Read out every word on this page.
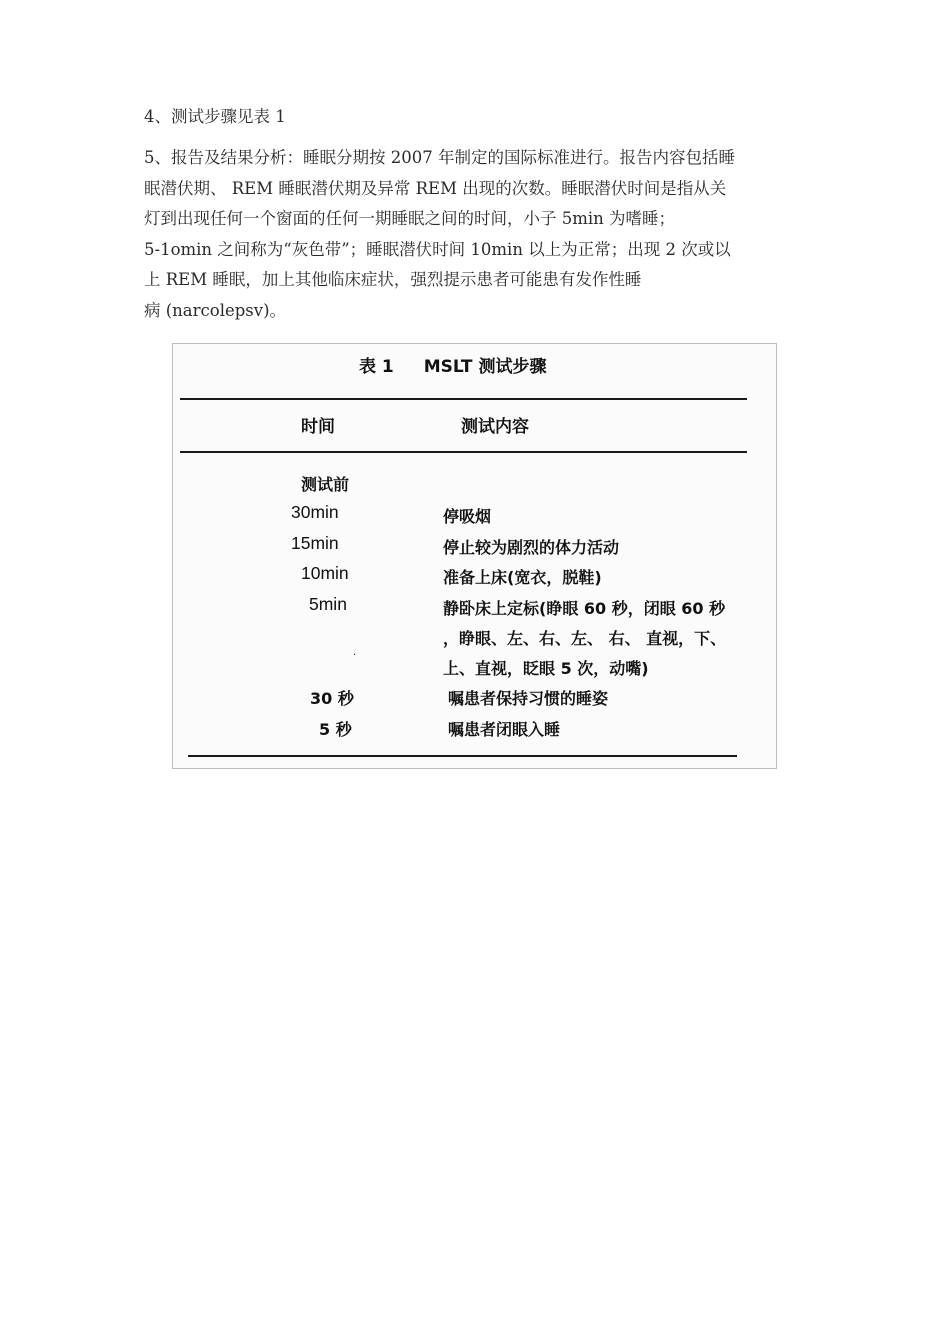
4、测试步骤见表 1
5、报告及结果分析：睡眠分期按 2007 年制定的国际标准进行。报告内容包括睡
眠潜伏期、 REM 睡眠潜伏期及异常 REM 出现的次数。睡眠潜伏时间是指从关
灯到出现任何一个窗面的任何一期睡眠之间的时间，小子 5min 为嗜睡；
5-1omin 之间称为“灰色带”；睡眠潜伏时间 10min 以上为正常；出现 2 次或以
上 REM 睡眠，加上其他临床症状，强烈提示患者可能患有发作性睡
病 (narcolepsv)。
表 1 MSLT 测试步骤
时间	测试内容
测试前
30min	停吸烟
15min	停止较为剧烈的体力活动
10min	准备上床(宽衣，脱鞋)
5min	静卧床上定标(睁眼 60 秒，闭眼 60 秒
，睁眼、左、右、左、 右、 直视，下、
·
上、直视，眨眼 5 次，动嘴)
30 秒	嘱患者保持习惯的睡姿
5 秒	嘱患者闭眼入睡
